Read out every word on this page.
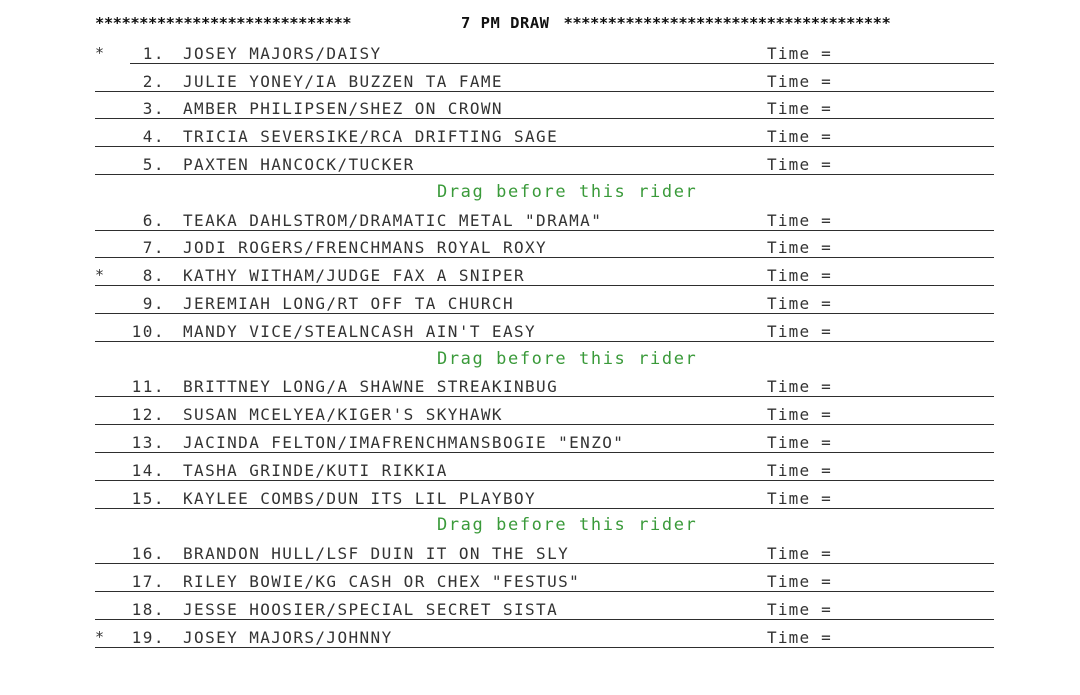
*****************************	7 PM DRAW *************************************
* 1. JOSEY MAJORS/DAISY	Time =
2. JULIE YONEY/IA BUZZEN TA FAME	Time =
3. AMBER PHILIPSEN/SHEZ ON CROWN	Time =
4. TRICIA SEVERSIKE/RCA DRIFTING SAGE	Time =
5. PAXTEN HANCOCK/TUCKER	Time =
Drag before this rider
6. TEAKA DAHLSTROM/DRAMATIC METAL "DRAMA"	Time =
7. JODI ROGERS/FRENCHMANS ROYAL ROXY	Time =
* 8. KATHY WITHAM/JUDGE FAX A SNIPER	Time =
9. JEREMIAH LONG/RT OFF TA CHURCH	Time =
10. MANDY VICE/STEALNCASH AIN'T EASY	Time =
Drag before this rider
11. BRITTNEY LONG/A SHAWNE STREAKINBUG	Time =
12. SUSAN MCELYEA/KIGER'S SKYHAWK	Time =
13. JACINDA FELTON/IMAFRENCHMANSBOGIE "ENZO"	Time =
14. TASHA GRINDE/KUTI RIKKIA	Time =
15. KAYLEE COMBS/DUN ITS LIL PLAYBOY	Time =
Drag before this rider
16. BRANDON HULL/LSF DUIN IT ON THE SLY	Time =
17. RILEY BOWIE/KG CASH OR CHEX "FESTUS"	Time =
18. JESSE HOOSIER/SPECIAL SECRET SISTA	Time =
* 19. JOSEY MAJORS/JOHNNY	Time =
